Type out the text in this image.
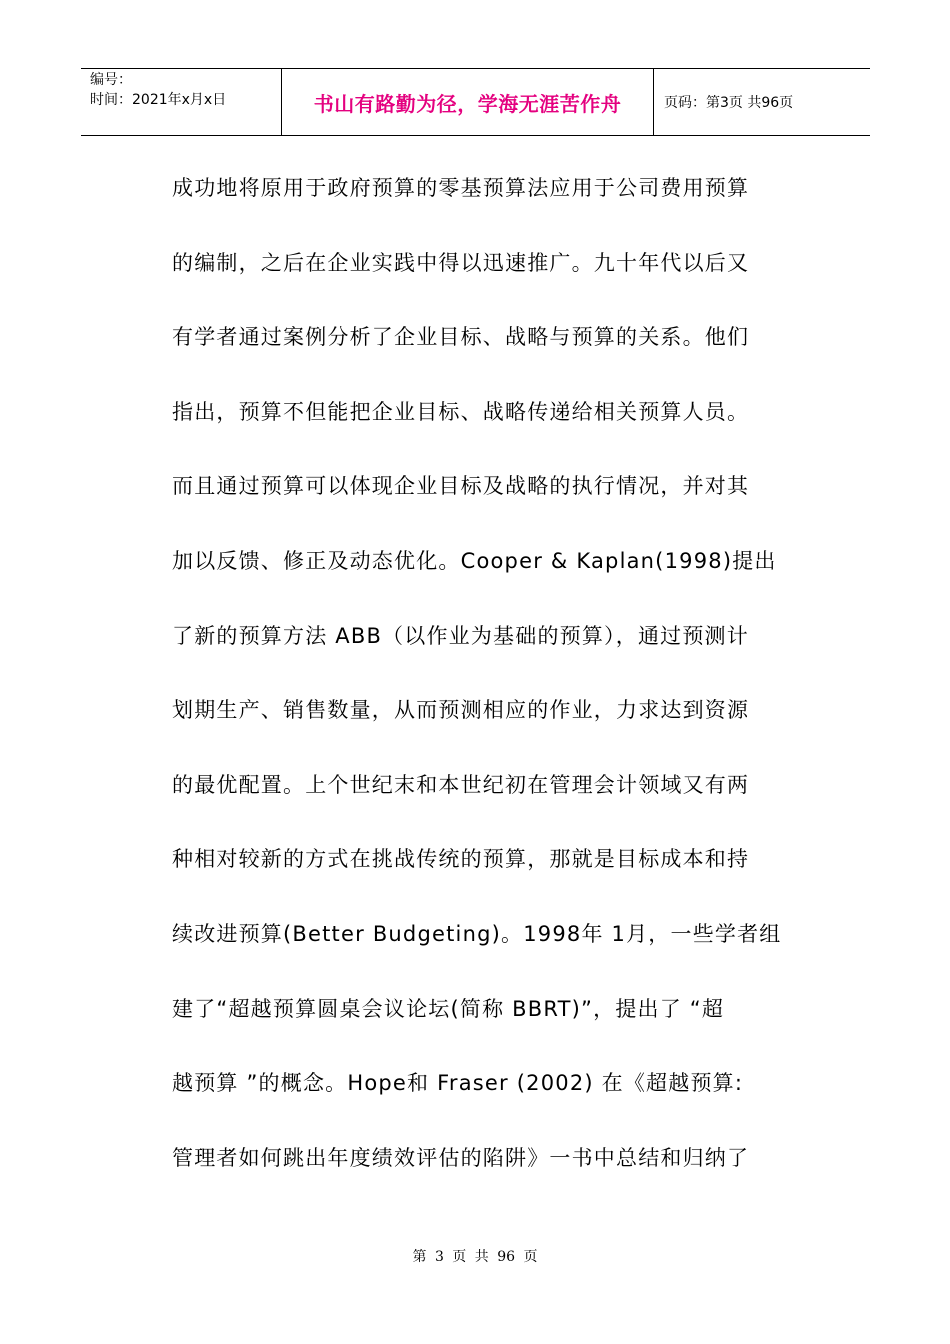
编号：
时间：2021年x月x日	书山有路勤为径，学海无涯苦作舟	页码：第3页 共96页
成功地将原用于政府预算的零基预算法应用于公司费用预算
的编制，之后在企业实践中得以迅速推广。九十年代以后又
有学者通过案例分析了企业目标、战略与预算的关系。他们
指出，预算不但能把企业目标、战略传递给相关预算人员。
而且通过预算可以体现企业目标及战略的执行情况，并对其
加以反馈、修正及动态优化。Cooper & Kaplan(1998)提出
了新的预算方法 ABB（以作业为基础的预算），通过预测计
划期生产、销售数量，从而预测相应的作业，力求达到资源
的最优配置。上个世纪末和本世纪初在管理会计领域又有两
种相对较新的方式在挑战传统的预算，那就是目标成本和持
续改进预算(Better Budgeting)。1998年 1月，一些学者组
建了“超越预算圆桌会议论坛(简称 BBRT)”，提出了 “超
越预算 ”的概念。Hope和 Fraser (2002) 在《超越预算:
管理者如何跳出年度绩效评估的陷阱》一书中总结和归纳了
第 3 页 共 96 页
